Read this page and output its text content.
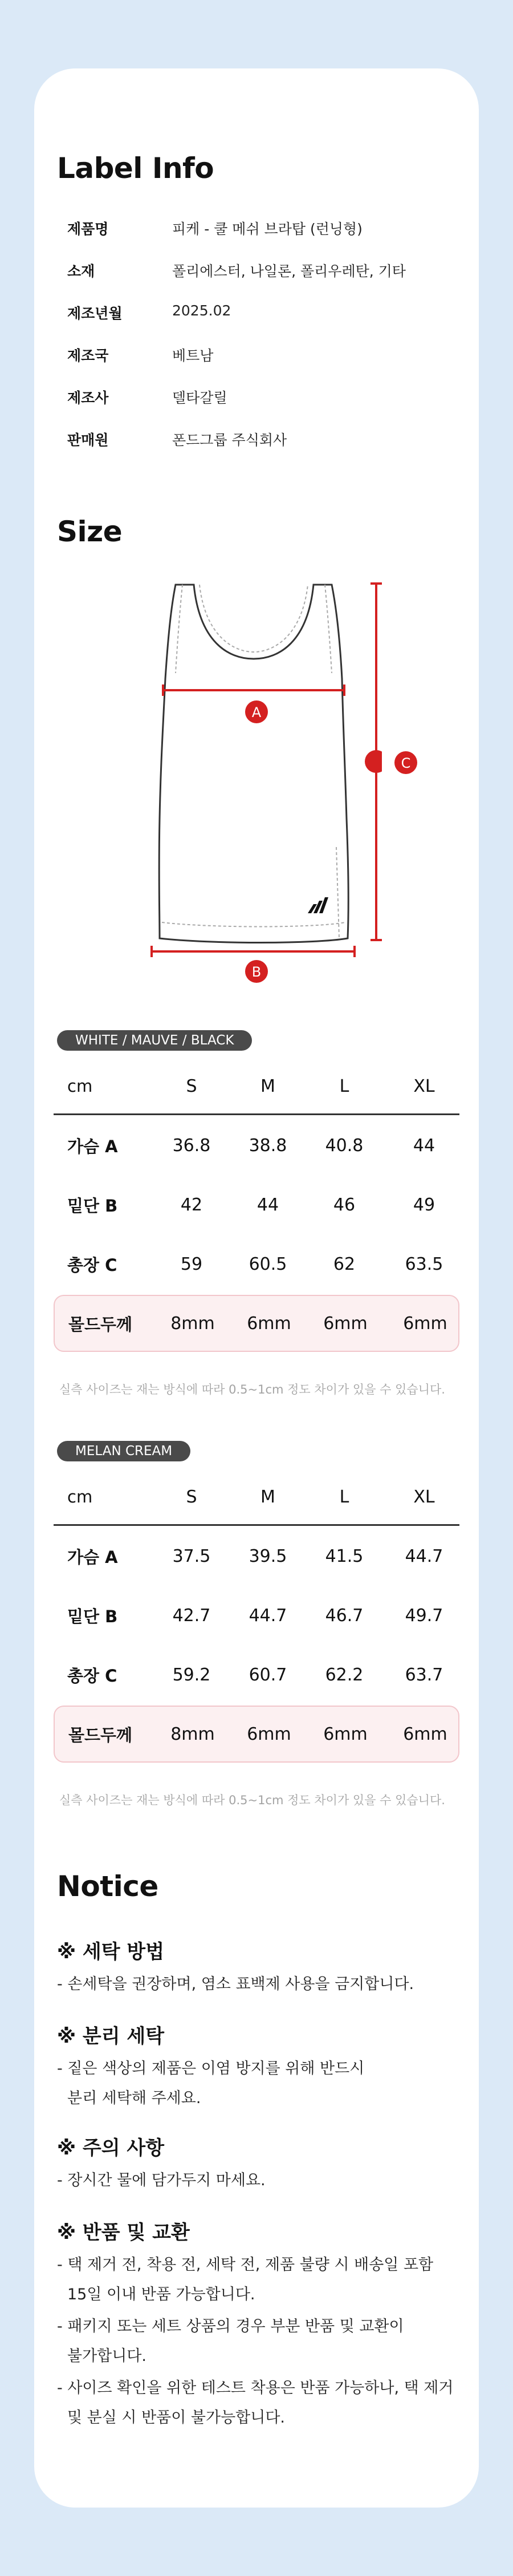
Label Info
제품명	피케 - 쿨 메쉬 브라탑 (런닝형)
소재	폴리에스터, 나일론, 폴리우레탄, 기타
제조년월	2025.02
제조국	베트남
제조사	델타갈릴
판매원	폰드그룹 주식회사
Size
A
B
C
WHITE / MAUVE / BLACK
cm	S	M	L	XL
가슴 A	36.8	38.8	40.8	44
밑단 B	42	44	46	49
총장 C	59	60.5	62	63.5
몰드두께	8mm	6mm	6mm	6mm
실측 사이즈는 재는 방식에 따라 0.5~1cm 정도 차이가 있을 수 있습니다.
MELAN CREAM
cm	S	M	L	XL
가슴 A	37.5	39.5	41.5	44.7
밑단 B	42.7	44.7	46.7	49.7
총장 C	59.2	60.7	62.2	63.7
몰드두께	8mm	6mm	6mm	6mm
실측 사이즈는 재는 방식에 따라 0.5~1cm 정도 차이가 있을 수 있습니다.
Notice
※ 세탁 방법
- 손세탁을 권장하며, 염소 표백제 사용을 금지합니다.
※ 분리 세탁
- 짙은 색상의 제품은 이염 방지를 위해 반드시
분리 세탁해 주세요.
※ 주의 사항
- 장시간 물에 담가두지 마세요.
※ 반품 및 교환
- 택 제거 전, 착용 전, 세탁 전, 제품 불량 시 배송일 포함
15일 이내 반품 가능합니다.
- 패키지 또는 세트 상품의 경우 부분 반품 및 교환이
불가합니다.
- 사이즈 확인을 위한 테스트 착용은 반품 가능하나, 택 제거
및 분실 시 반품이 불가능합니다.
